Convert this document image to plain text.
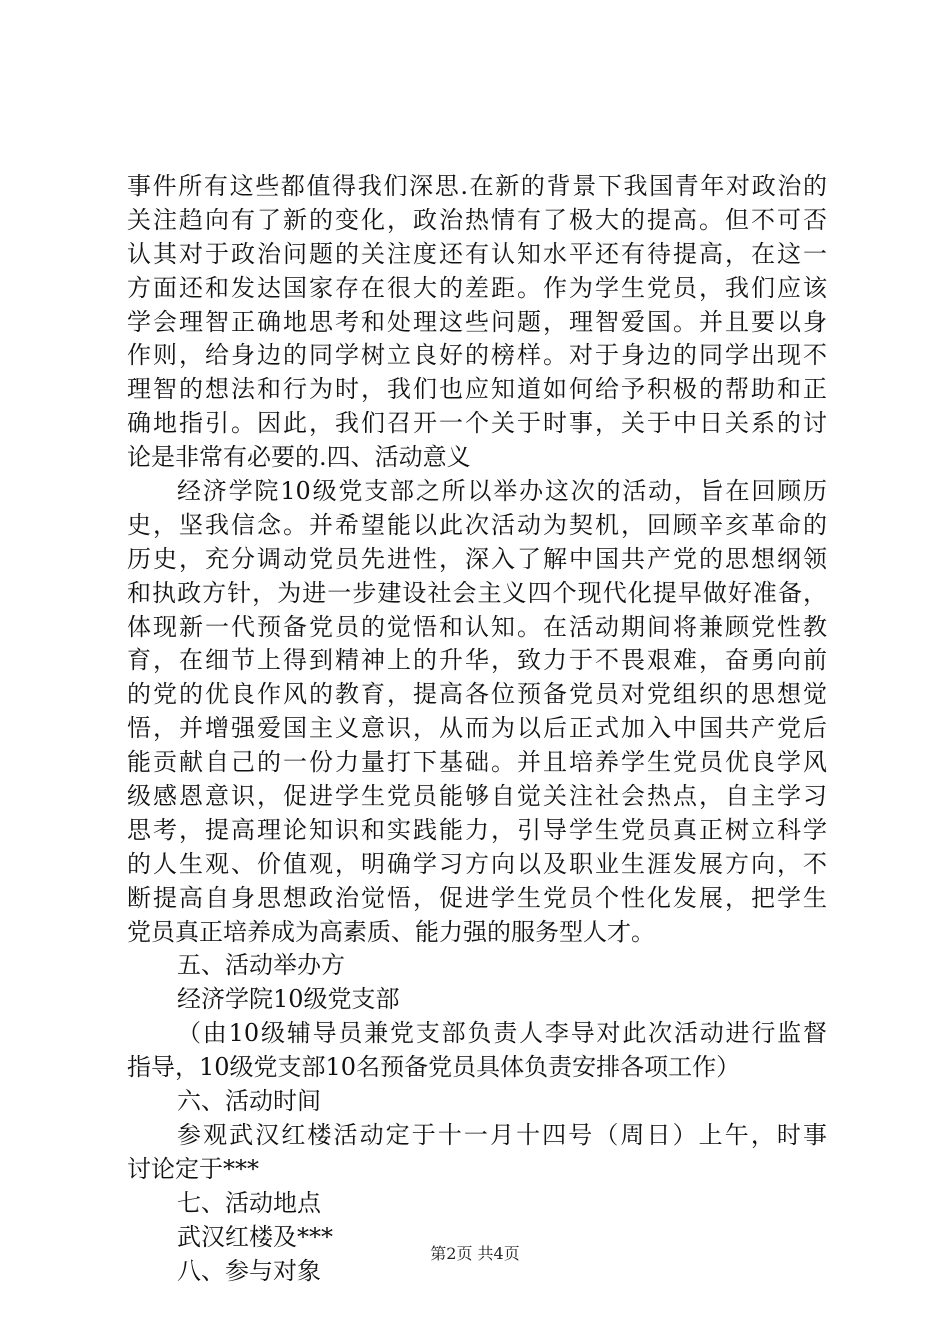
事件所有这些都值得我们深思.在新的背景下我国青年对政治的
关注趋向有了新的变化，政治热情有了极大的提高。但不可否
认其对于政治问题的关注度还有认知水平还有待提高，在这一
方面还和发达国家存在很大的差距。作为学生党员，我们应该
学会理智正确地思考和处理这些问题，理智爱国。并且要以身
作则，给身边的同学树立良好的榜样。对于身边的同学出现不
理智的想法和行为时，我们也应知道如何给予积极的帮助和正
确地指引。因此，我们召开一个关于时事，关于中日关系的讨
论是非常有必要的.四、活动意义
经济学院10级党支部之所以举办这次的活动，旨在回顾历
史，坚我信念。并希望能以此次活动为契机，回顾辛亥革命的
历史，充分调动党员先进性，深入了解中国共产党的思想纲领
和执政方针，为进一步建设社会主义四个现代化提早做好准备，
体现新一代预备党员的觉悟和认知。在活动期间将兼顾党性教
育，在细节上得到精神上的升华，致力于不畏艰难，奋勇向前
的党的优良作风的教育，提高各位预备党员对党组织的思想觉
悟，并增强爱国主义意识，从而为以后正式加入中国共产党后
能贡献自己的一份力量打下基础。并且培养学生党员优良学风
级感恩意识，促进学生党员能够自觉关注社会热点，自主学习
思考，提高理论知识和实践能力，引导学生党员真正树立科学
的人生观、价值观，明确学习方向以及职业生涯发展方向，不
断提高自身思想政治觉悟，促进学生党员个性化发展，把学生
党员真正培养成为高素质、能力强的服务型人才。
五、活动举办方
经济学院10级党支部
（由10级辅导员兼党支部负责人李导对此次活动进行监督
指导，10级党支部10名预备党员具体负责安排各项工作）
六、活动时间
参观武汉红楼活动定于十一月十四号（周日）上午，时事
讨论定于***
七、活动地点
武汉红楼及***
八、参与对象
第2页 共4页
